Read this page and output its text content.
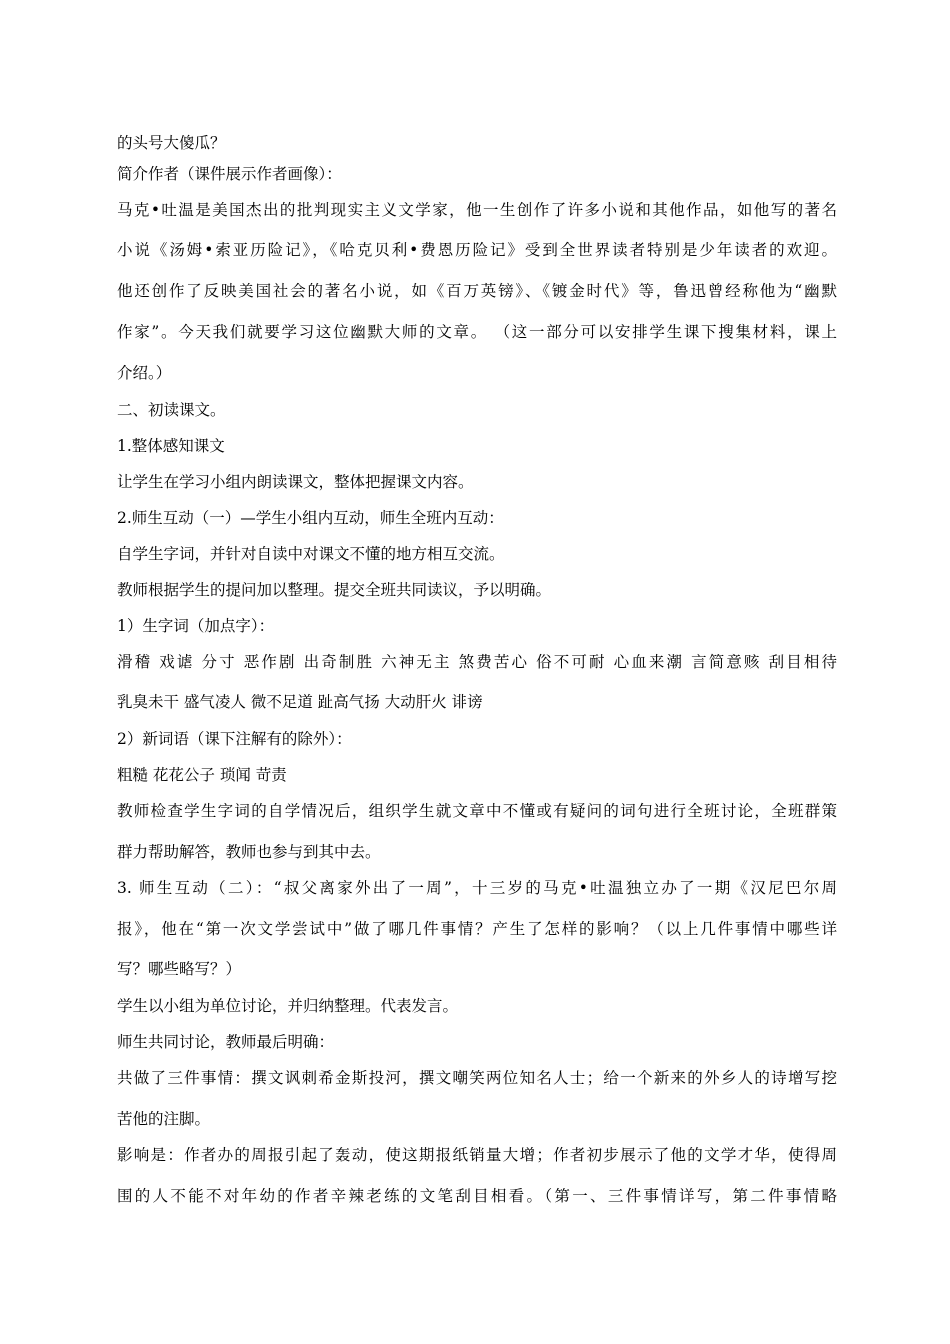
的头号大傻瓜？
简介作者（课件展示作者画像）：
马克•吐温是美国杰出的批判现实主义文学家，他一生创作了许多小说和其他作品，如他写的著名
小说《汤姆•索亚历险记》，《哈克贝利•费恩历险记》受到全世界读者特别是少年读者的欢迎。
他还创作了反映美国社会的著名小说，如《百万英镑》、《镀金时代》等，鲁迅曾经称他为“幽默
作家”。今天我们就要学习这位幽默大师的文章。 （这一部分可以安排学生课下搜集材料，课上
介绍。）
二、初读课文。
1.整体感知课文
让学生在学习小组内朗读课文，整体把握课文内容。
2.师生互动（一）—学生小组内互动，师生全班内互动：
自学生字词，并针对自读中对课文不懂的地方相互交流。
教师根据学生的提问加以整理。提交全班共同读议，予以明确。
1）生字词（加点字）：
滑稽 戏谑 分寸 恶作剧 出奇制胜 六神无主 煞费苦心 俗不可耐 心血来潮 言简意赅 刮目相待
乳臭未干 盛气凌人 微不足道 趾高气扬 大动肝火 诽谤
2）新词语（课下注解有的除外）：
粗糙 花花公子 琐闻 苛责
教师检查学生字词的自学情况后，组织学生就文章中不懂或有疑问的词句进行全班讨论，全班群策
群力帮助解答，教师也参与到其中去。
3. 师生互动（二）：“叔父离家外出了一周”，十三岁的马克•吐温独立办了一期《汉尼巴尔周
报》，他在“第一次文学尝试中”做了哪几件事情？产生了怎样的影响？（以上几件事情中哪些详
写？哪些略写？）
学生以小组为单位讨论，并归纳整理。代表发言。
师生共同讨论，教师最后明确：
共做了三件事情：撰文讽刺希金斯投河，撰文嘲笑两位知名人士；给一个新来的外乡人的诗增写挖
苦他的注脚。
影响是：作者办的周报引起了轰动，使这期报纸销量大增；作者初步展示了他的文学才华，使得周
围的人不能不对年幼的作者辛辣老练的文笔刮目相看。（第一、三件事情详写，第二件事情略
